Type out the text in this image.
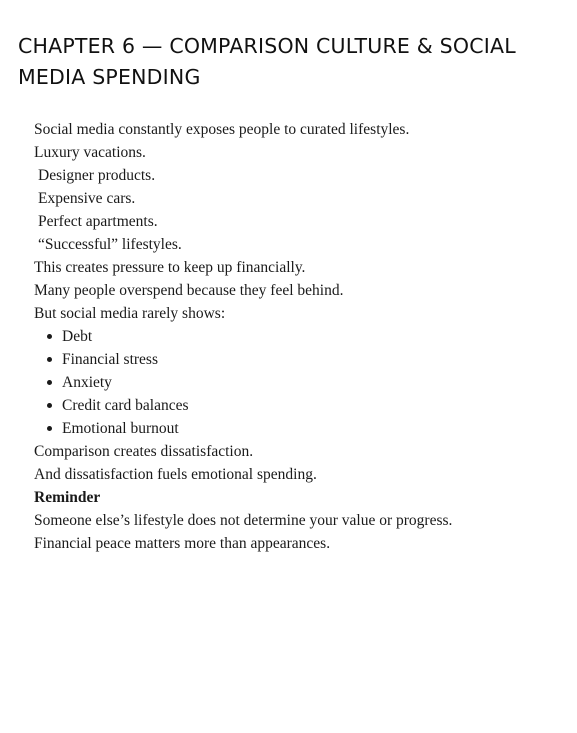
CHAPTER 6 — COMPARISON CULTURE & SOCIAL MEDIA SPENDING
Social media constantly exposes people to curated lifestyles.
Luxury vacations.
Designer products.
Expensive cars.
Perfect apartments.
“Successful” lifestyles.
This creates pressure to keep up financially.
Many people overspend because they feel behind.
But social media rarely shows:
Debt
Financial stress
Anxiety
Credit card balances
Emotional burnout
Comparison creates dissatisfaction.
And dissatisfaction fuels emotional spending.
Reminder
Someone else’s lifestyle does not determine your value or progress.
Financial peace matters more than appearances.
